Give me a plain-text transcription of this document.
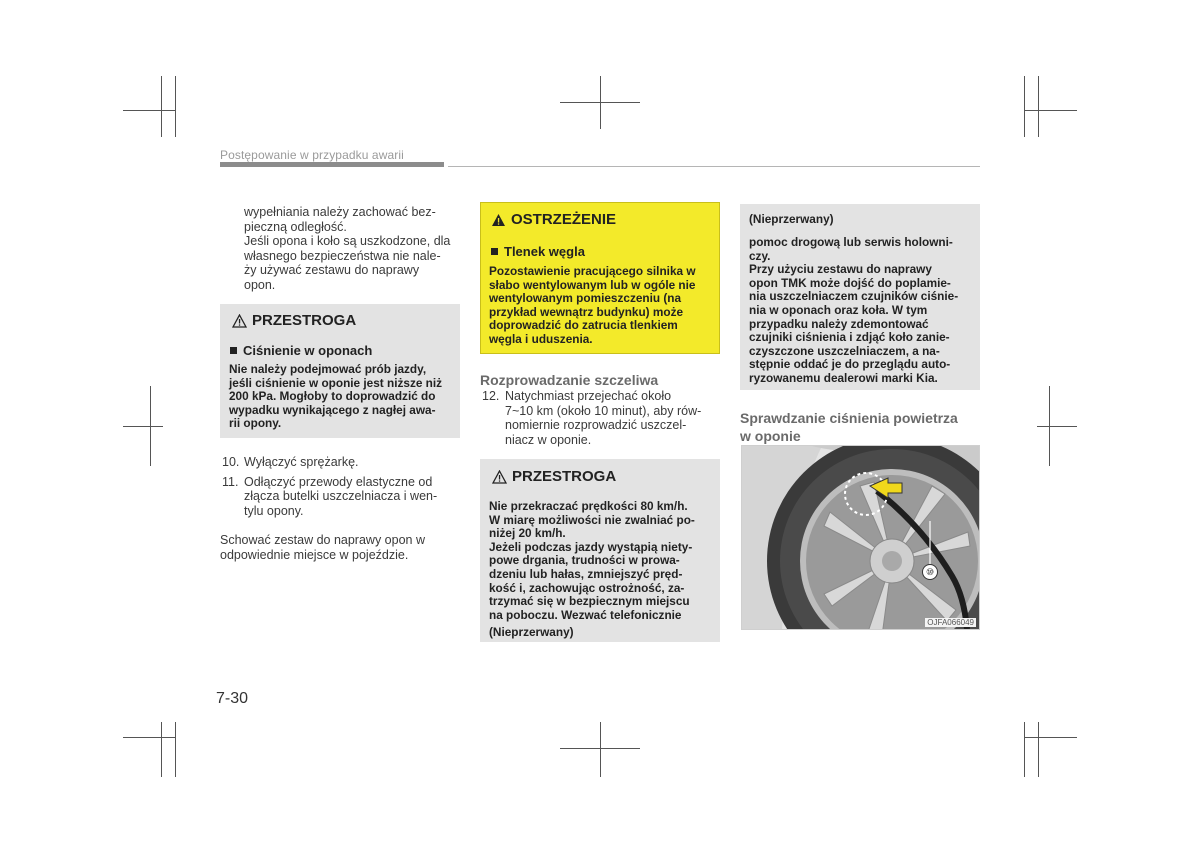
Postępowanie w przypadku awarii
wypełniania należy zachować bez-
pieczną odległość.
Jeśli opona i koło są uszkodzone, dla
własnego bezpieczeństwa nie nale-
ży używać zestawu do naprawy
opon.
PRZESTROGA
Ciśnienie w oponach
Nie należy podejmować prób jazdy,
jeśli ciśnienie w oponie jest niższe niż
200 kPa. Mogłoby to doprowadzić do
wypadku wynikającego z nagłej awa-
rii opony.
10. Wyłączyć sprężarkę.
11. Odłączyć przewody elastyczne od
złącza butelki uszczelniacza i wen-
tylu opony.
Schować zestaw do naprawy opon w
odpowiednie miejsce w pojeździe.
OSTRZEŻENIE
Tlenek węgla
Pozostawienie pracującego silnika w
słabo wentylowanym lub w ogóle nie
wentylowanym pomieszczeniu (na
przykład wewnątrz budynku) może
doprowadzić do zatrucia tlenkiem
węgla i uduszenia.
Rozprowadzanie szczeliwa
12. Natychmiast przejechać około
7~10 km (około 10 minut), aby rów-
nomiernie rozprowadzić uszczel-
niacz w oponie.
PRZESTROGA
Nie przekraczać prędkości 80 km/h.
W miarę możliwości nie zwalniać po-
niżej 20 km/h.
Jeżeli podczas jazdy wystąpią niety-
powe drgania, trudności w prowa-
dzeniu lub hałas, zmniejszyć pręd-
kość i, zachowując ostrożność, za-
trzymać się w bezpiecznym miejscu
na poboczu. Wezwać telefonicznie
(Nieprzerwany)
(Nieprzerwany)
pomoc drogową lub serwis holowni-
czy.
Przy użyciu zestawu do naprawy
opon TMK może dojść do poplamie-
nia uszczelniaczem czujników ciśnie-
nia w oponach oraz koła. W tym
przypadku należy zdemontować
czujniki ciśnienia i zdjąć koło zanie-
czyszczone uszczelniaczem, a na-
stępnie oddać je do przeglądu auto-
ryzowanemu dealerowi marki Kia.
Sprawdzanie ciśnienia powietrza
w oponie
⑩
OJFA066049
7-30
